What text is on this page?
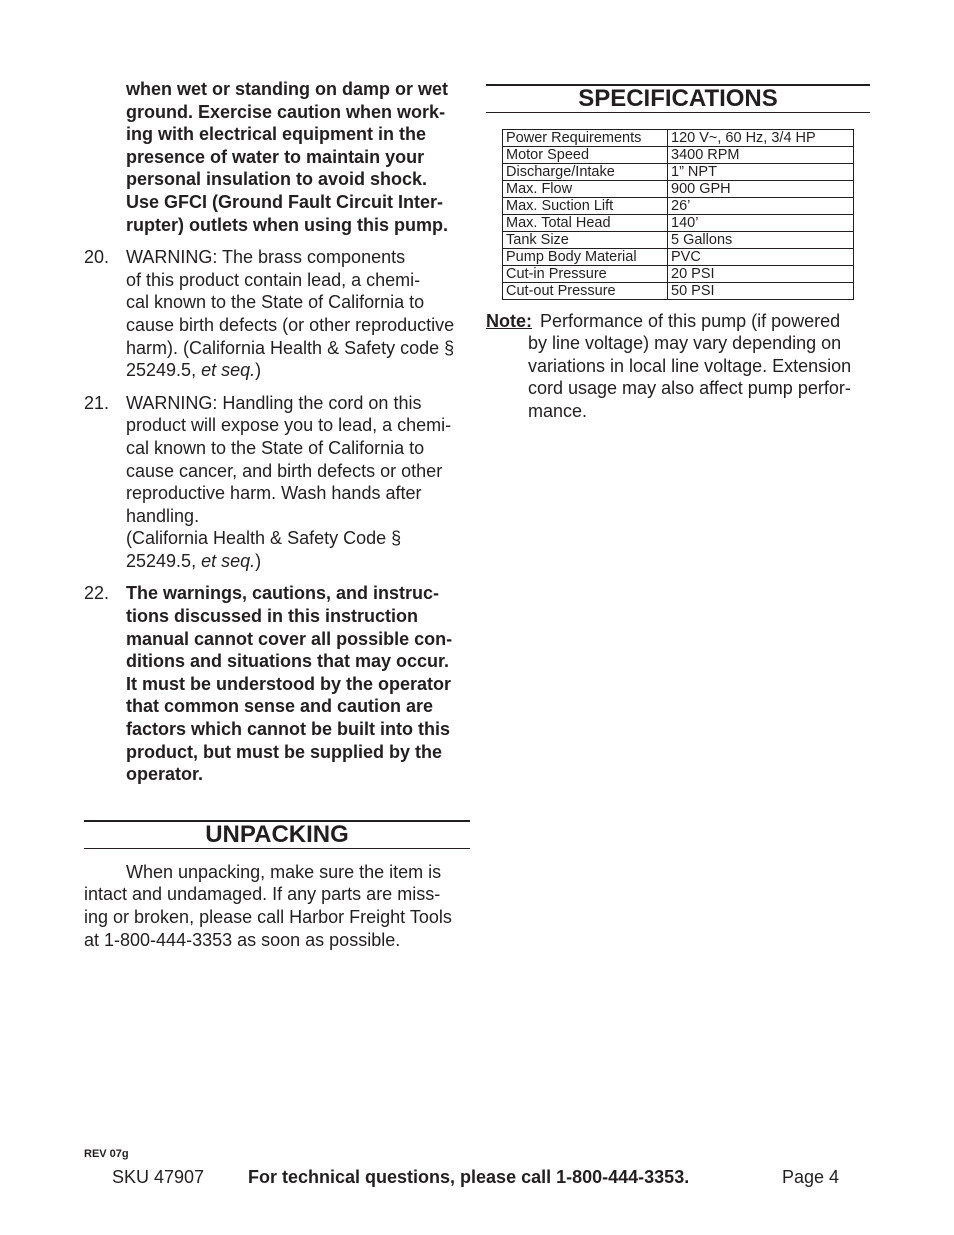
when wet or standing on damp or wet
ground. Exercise caution when work-
ing with electrical equipment in the
presence of water to maintain your
personal insulation to avoid shock.
Use GFCI (Ground Fault Circuit Inter-
rupter) outlets when using this pump.
20. WARNING: The brass components
of this product contain lead, a chemi-
cal known to the State of California to
cause birth defects (or other reproductive
harm). (California Health & Safety code §
25249.5, et seq.)
21. WARNING: Handling the cord on this
product will expose you to lead, a chemi-
cal known to the State of California to
cause cancer, and birth defects or other
reproductive harm. Wash hands after
handling.
(California Health & Safety Code §
25249.5, et seq.)
22. The warnings, cautions, and instruc-
tions discussed in this instruction
manual cannot cover all possible con-
ditions and situations that may occur.
It must be understood by the operator
that common sense and caution are
factors which cannot be built into this
product, but must be supplied by the
operator.
UNPACKING
When unpacking, make sure the item is
intact and undamaged. If any parts are miss-
ing or broken, please call Harbor Freight Tools
at 1-800-444-3353 as soon as possible.
SPECIFICATIONS
Power Requirements	120 V~, 60 Hz, 3/4 HP
Motor Speed	3400 RPM
Discharge/Intake	1” NPT
Max. Flow	900 GPH
Max. Suction Lift	26’
Max. Total Head	140’
Tank Size	5 Gallons
Pump Body Material	PVC
Cut-in Pressure	20 PSI
Cut-out Pressure	50 PSI
Note: Performance of this pump (if powered
by line voltage) may vary depending on
variations in local line voltage. Extension
cord usage may also affect pump perfor-
mance.
REV 07g
SKU 47907 For technical questions, please call 1-800-444-3353.	Page 4
